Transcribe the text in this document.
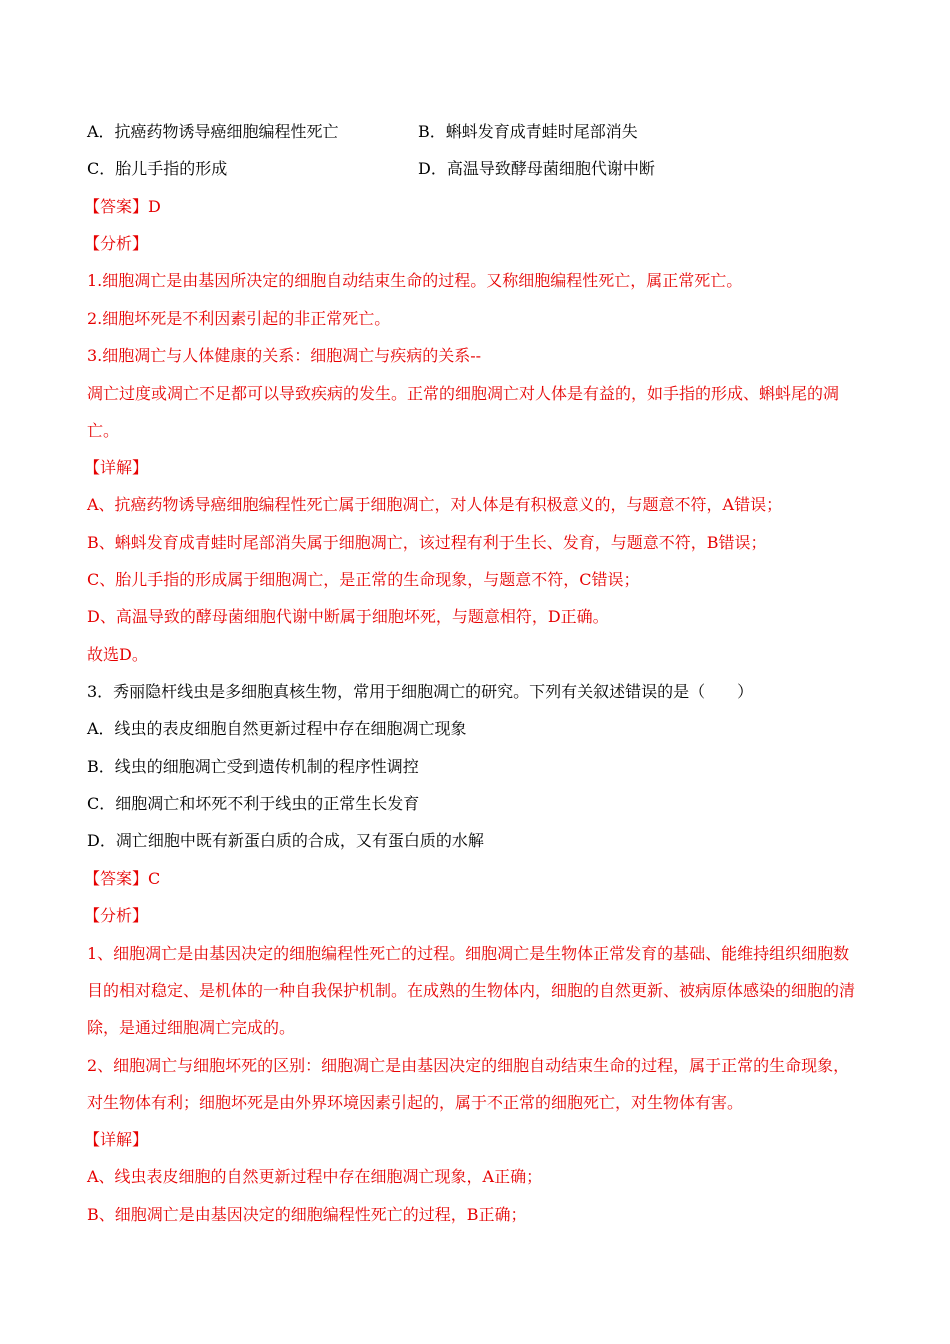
A．抗癌药物诱导癌细胞编程性死亡	B．蝌蚪发育成青蛙时尾部消失
C．胎儿手指的形成	D．高温导致酵母菌细胞代谢中断
【答案】D
【分析】
1.细胞凋亡是由基因所决定的细胞自动结束生命的过程。又称细胞编程性死亡，属正常死亡。
2.细胞坏死是不利因素引起的非正常死亡。
3.细胞凋亡与人体健康的关系：细胞凋亡与疾病的关系--
凋亡过度或凋亡不足都可以导致疾病的发生。正常的细胞凋亡对人体是有益的，如手指的形成、蝌蚪尾的凋亡。
【详解】
A、抗癌药物诱导癌细胞编程性死亡属于细胞凋亡，对人体是有积极意义的，与题意不符，A错误；
B、蝌蚪发育成青蛙时尾部消失属于细胞凋亡，该过程有利于生长、发育，与题意不符，B错误；
C、胎儿手指的形成属于细胞凋亡，是正常的生命现象，与题意不符，C错误；
D、高温导致的酵母菌细胞代谢中断属于细胞坏死，与题意相符，D正确。
故选D。
3．秀丽隐杆线虫是多细胞真核生物，常用于细胞凋亡的研究。下列有关叙述错误的是（　　）
A．线虫的表皮细胞自然更新过程中存在细胞凋亡现象
B．线虫的细胞凋亡受到遗传机制的程序性调控
C．细胞凋亡和坏死不利于线虫的正常生长发育
D．凋亡细胞中既有新蛋白质的合成，又有蛋白质的水解
【答案】C
【分析】
1、细胞凋亡是由基因决定的细胞编程性死亡的过程。细胞凋亡是生物体正常发育的基础、能维持组织细胞数目的相对稳定、是机体的一种自我保护机制。在成熟的生物体内，细胞的自然更新、被病原体感染的细胞的清除，是通过细胞凋亡完成的。
2、细胞凋亡与细胞坏死的区别：细胞凋亡是由基因决定的细胞自动结束生命的过程，属于正常的生命现象，对生物体有利；细胞坏死是由外界环境因素引起的，属于不正常的细胞死亡，对生物体有害。
【详解】
A、线虫表皮细胞的自然更新过程中存在细胞凋亡现象，A正确；
B、细胞凋亡是由基因决定的细胞编程性死亡的过程，B正确；
